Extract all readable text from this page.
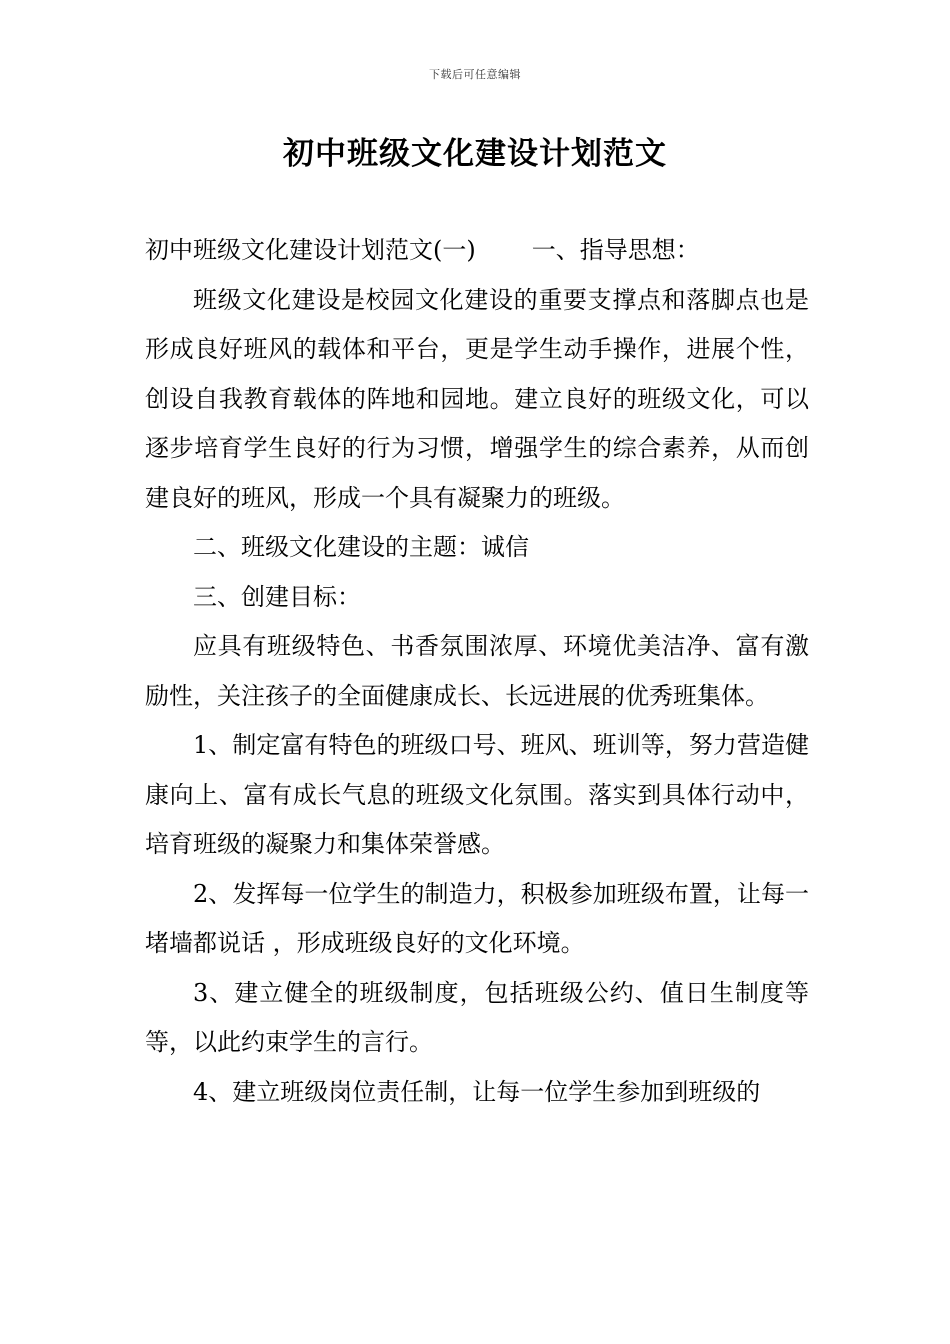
下载后可任意编辑
初中班级文化建设计划范文

初中班级文化建设计划范文(一) 一、指导思想：

班级文化建设是校园文化建设的重要支撑点和落脚点也是形成良好班风的载体和平台，更是学生动手操作，进展个性，创设自我教育载体的阵地和园地。建立良好的班级文化，可以逐步培育学生良好的行为习惯，增强学生的综合素养，从而创建良好的班风，形成一个具有凝聚力的班级。

二、班级文化建设的主题：诚信

三、创建目标：

应具有班级特色、书香氛围浓厚、环境优美洁净、富有激励性，关注孩子的全面健康成长、长远进展的优秀班集体。

1、制定富有特色的班级口号、班风、班训等，努力营造健康向上、富有成长气息的班级文化氛围。落实到具体行动中，培育班级的凝聚力和集体荣誉感。

2、发挥每一位学生的制造力，积极参加班级布置，让每一堵墙都说话 ，形成班级良好的文化环境。

3、建立健全的班级制度，包括班级公约、值日生制度等等，以此约束学生的言行。

4、建立班级岗位责任制，让每一位学生参加到班级的
